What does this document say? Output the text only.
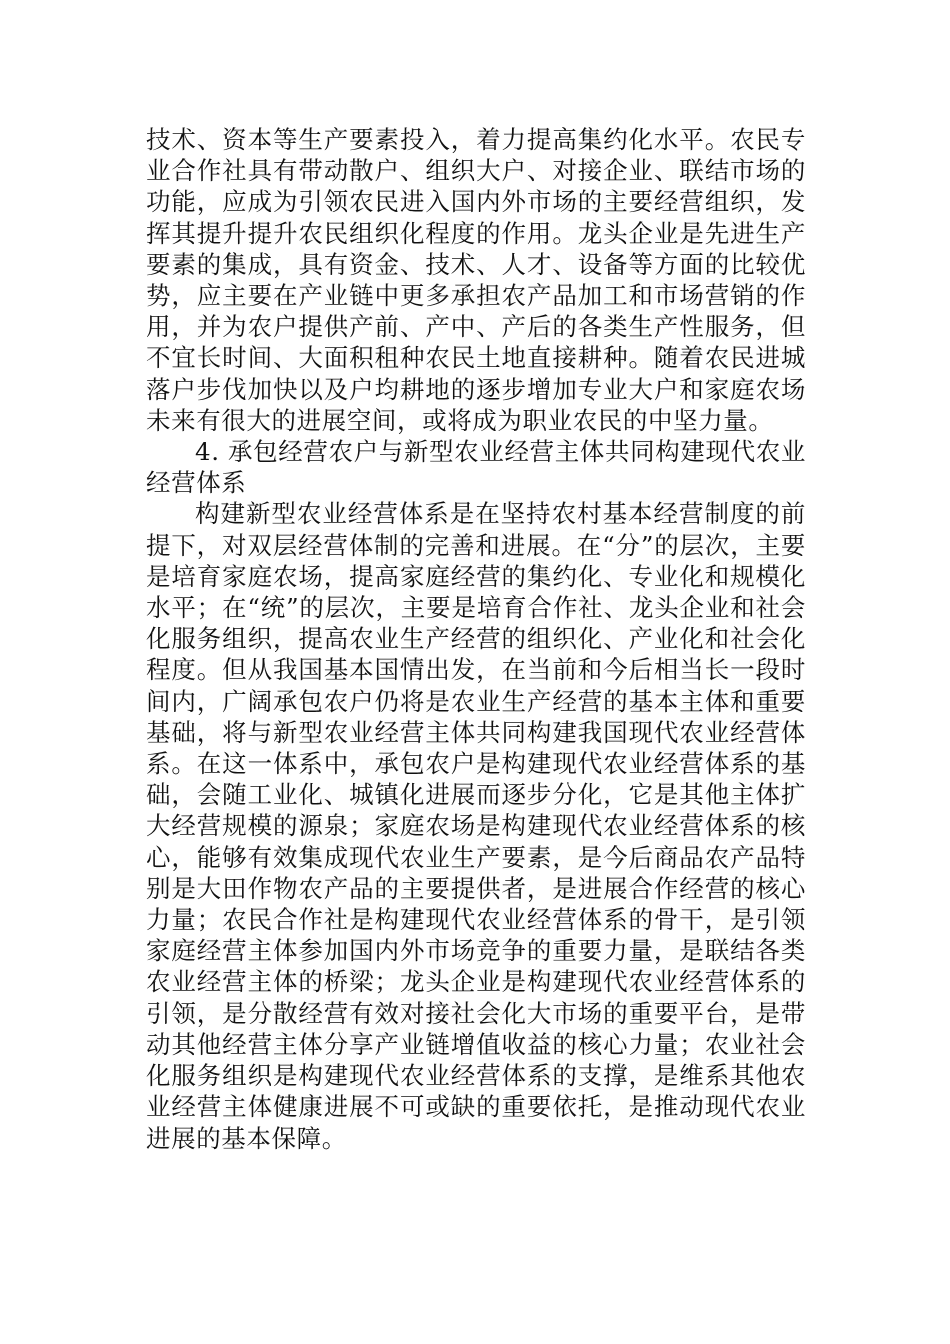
技术、资本等生产要素投入，着力提高集约化水平。农民专业合作社具有带动散户、组织大户、对接企业、联结市场的功能，应成为引领农民进入国内外市场的主要经营组织，发挥其提升提升农民组织化程度的作用。龙头企业是先进生产要素的集成，具有资金、技术、人才、设备等方面的比较优势，应主要在产业链中更多承担农产品加工和市场营销的作用，并为农户提供产前、产中、产后的各类生产性服务，但不宜长时间、大面积租种农民土地直接耕种。随着农民进城落户步伐加快以及户均耕地的逐步增加专业大户和家庭农场未来有很大的进展空间，或将成为职业农民的中坚力量。

4. 承包经营农户与新型农业经营主体共同构建现代农业经营体系

构建新型农业经营体系是在坚持农村基本经营制度的前提下，对双层经营体制的完善和进展。在“分”的层次，主要是培育家庭农场，提高家庭经营的集约化、专业化和规模化水平；在“统”的层次，主要是培育合作社、龙头企业和社会化服务组织，提高农业生产经营的组织化、产业化和社会化程度。但从我国基本国情出发，在当前和今后相当长一段时间内，广阔承包农户仍将是农业生产经营的基本主体和重要基础，将与新型农业经营主体共同构建我国现代农业经营体系。在这一体系中，承包农户是构建现代农业经营体系的基础，会随工业化、城镇化进展而逐步分化，它是其他主体扩大经营规模的源泉；家庭农场是构建现代农业经营体系的核心，能够有效集成现代农业生产要素，是今后商品农产品特别是大田作物农产品的主要提供者，是进展合作经营的核心力量；农民合作社是构建现代农业经营体系的骨干，是引领家庭经营主体参加国内外市场竞争的重要力量，是联结各类农业经营主体的桥梁；龙头企业是构建现代农业经营体系的引领，是分散经营有效对接社会化大市场的重要平台，是带动其他经营主体分享产业链增值收益的核心力量；农业社会化服务组织是构建现代农业经营体系的支撑，是维系其他农业经营主体健康进展不可或缺的重要依托，是推动现代农业进展的基本保障。
